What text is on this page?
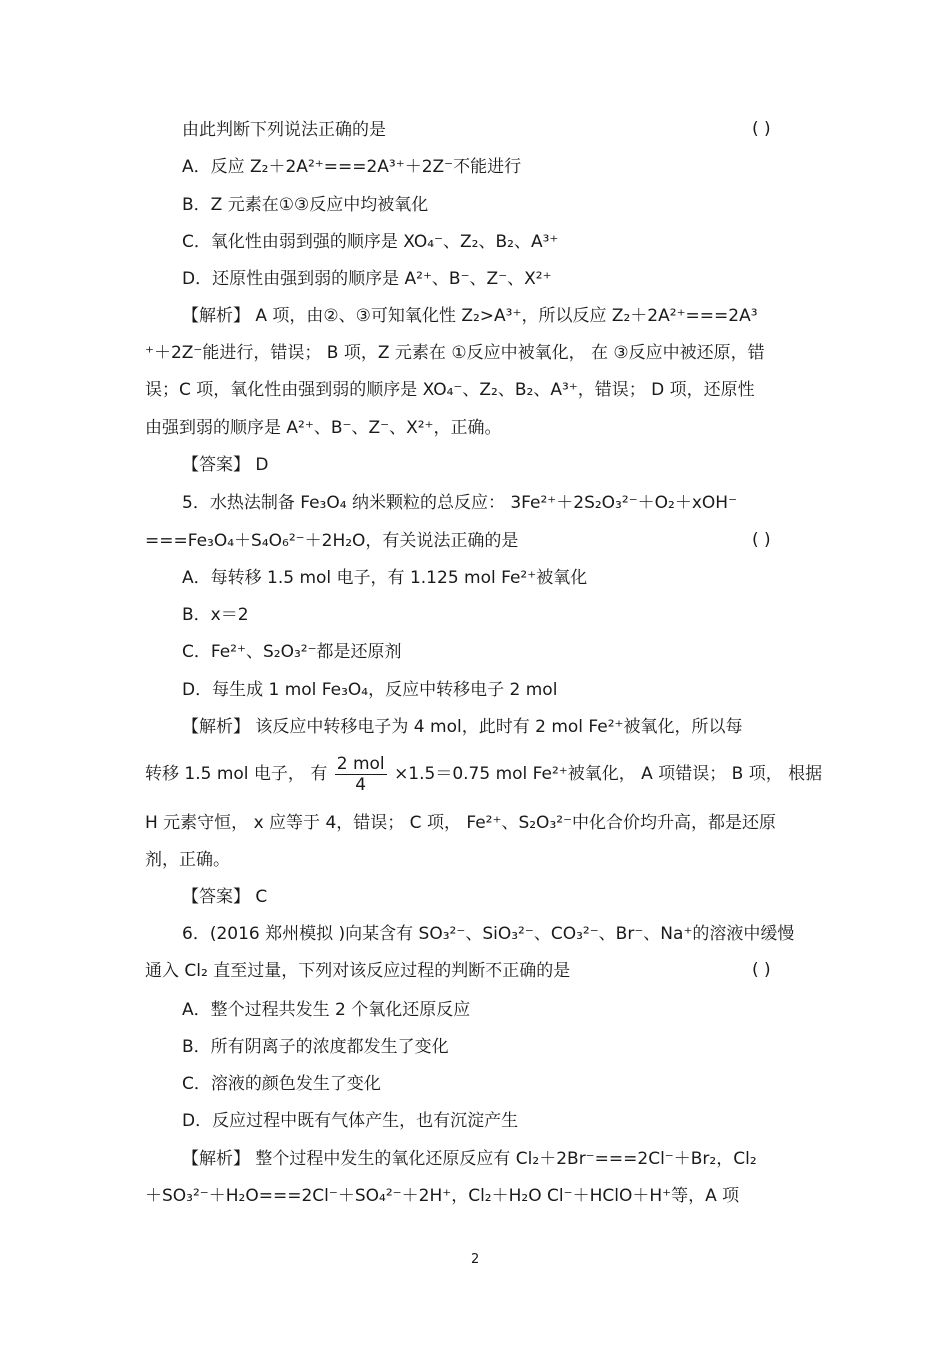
由此判断下列说法正确的是	( )
A．反应 Z₂＋2A²⁺===2A³⁺＋2Z⁻不能进行
B．Z 元素在①③反应中均被氧化
C．氧化性由弱到强的顺序是 XO₄⁻、Z₂、B₂、A³⁺
D．还原性由强到弱的顺序是 A²⁺、B⁻、Z⁻、X²⁺
【解析】 A 项，由②、③可知氧化性 Z₂>A³⁺，所以反应 Z₂＋2A²⁺===2A³
⁺＋2Z⁻能进行，错误； B 项，Z 元素在 ①反应中被氧化， 在 ③反应中被还原，错
误；C 项，氧化性由强到弱的顺序是 XO₄⁻、Z₂、B₂、A³⁺，错误； D 项，还原性
由强到弱的顺序是 A²⁺、B⁻、Z⁻、X²⁺，正确。
【答案】 D
5．水热法制备 Fe₃O₄ 纳米颗粒的总反应： 3Fe²⁺＋2S₂O₃²⁻＋O₂＋xOH⁻
===Fe₃O₄＋S₄O₆²⁻＋2H₂O，有关说法正确的是	( )
A．每转移 1.5 mol 电子，有 1.125 mol Fe²⁺被氧化
B．x＝2
C．Fe²⁺、S₂O₃²⁻都是还原剂
D．每生成 1 mol Fe₃O₄，反应中转移电子 2 mol
【解析】 该反应中转移电子为 4 mol，此时有 2 mol Fe²⁺被氧化，所以每
转移 1.5 mol 电子， 有 $\frac{\text{2 mol}}{4} \times 1.5=0.75$ mol Fe²⁺被氧化， A 项错误； B 项， 根据
H 元素守恒， x 应等于 4，错误； C 项， Fe²⁺、S₂O₃²⁻中化合价均升高，都是还原
剂，正确。
【答案】 C
6．(2016 郑州模拟 )向某含有 SO₃²⁻、SiO₃²⁻、CO₃²⁻、Br⁻、Na⁺的溶液中缓慢
通入 Cl₂ 直至过量，下列对该反应过程的判断不正确的是	( )
A．整个过程共发生 2 个氧化还原反应
B．所有阴离子的浓度都发生了变化
C．溶液的颜色发生了变化
D．反应过程中既有气体产生，也有沉淀产生
【解析】 整个过程中发生的氧化还原反应有 Cl₂＋2Br⁻===2Cl⁻＋Br₂，Cl₂
＋SO₃²⁻＋H₂O===2Cl⁻＋SO₄²⁻＋2H⁺，Cl₂＋H₂O Cl⁻＋HClO＋H⁺等，A 项
2
